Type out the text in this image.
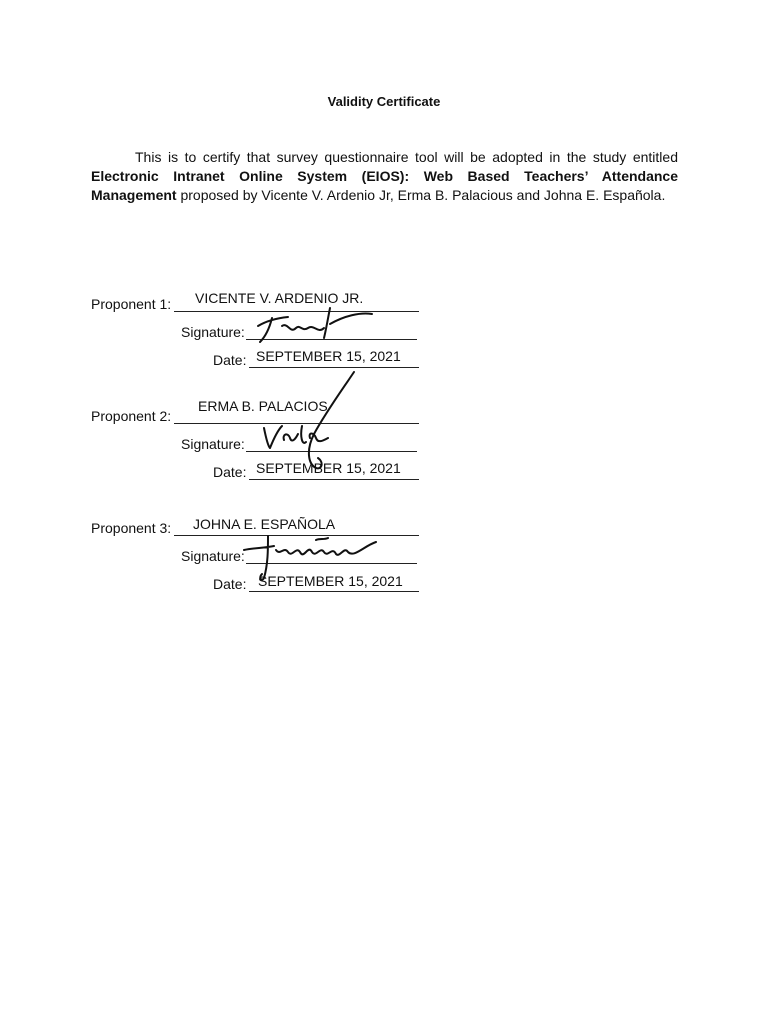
Validity Certificate
This is to certify that survey questionnaire tool will be adopted in the study entitled Electronic Intranet Online System (EIOS): Web Based Teachers’ Attendance Management proposed by Vicente V. Ardenio Jr, Erma B. Palacious and Johna E. Española.
Proponent 1: VICENTE V. ARDENIO JR.
Signature:
Date: SEPTEMBER 15, 2021
Proponent 2:
ERMA B. PALACIOS
Signature:
Date: SEPTEMBER 15, 2021
Proponent 3: JOHNA E. ESPAÑOLA
Signature:
Date: SEPTEMBER 15, 2021
